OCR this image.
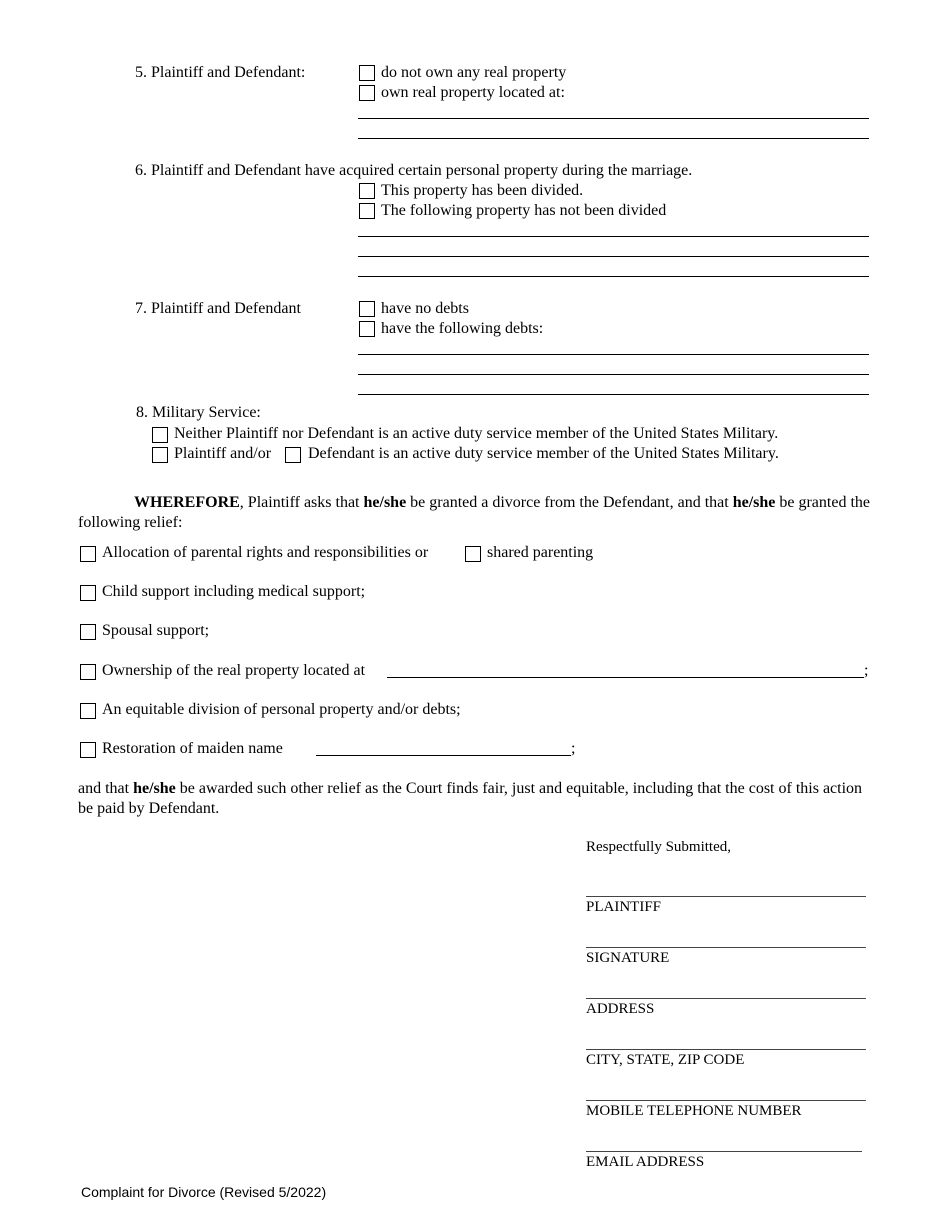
5. Plaintiff and Defendant:	do not own any real property
own real property located at:
6. Plaintiff and Defendant have acquired certain personal property during the marriage.
This property has been divided.
The following property has not been divided
7. Plaintiff and Defendant	have no debts
have the following debts:
8. Military Service:
Neither Plaintiff nor Defendant is an active duty service member of the United States Military.
Plaintiff and/or Defendant is an active duty service member of the United States Military.
WHEREFORE, Plaintiff asks that he/she be granted a divorce from the Defendant, and that he/she be granted the following relief:
Allocation of parental rights and responsibilities or	shared parenting
Child support including medical support;
Spousal support;
Ownership of the real property located at	;
An equitable division of personal property and/or debts;
Restoration of maiden name	;
and that he/she be awarded such other relief as the Court finds fair, just and equitable, including that the cost of this action be paid by Defendant.
Respectfully Submitted,
PLAINTIFF
SIGNATURE
ADDRESS
CITY, STATE, ZIP CODE
MOBILE TELEPHONE NUMBER
EMAIL ADDRESS
Complaint for Divorce (Revised 5/2022)
